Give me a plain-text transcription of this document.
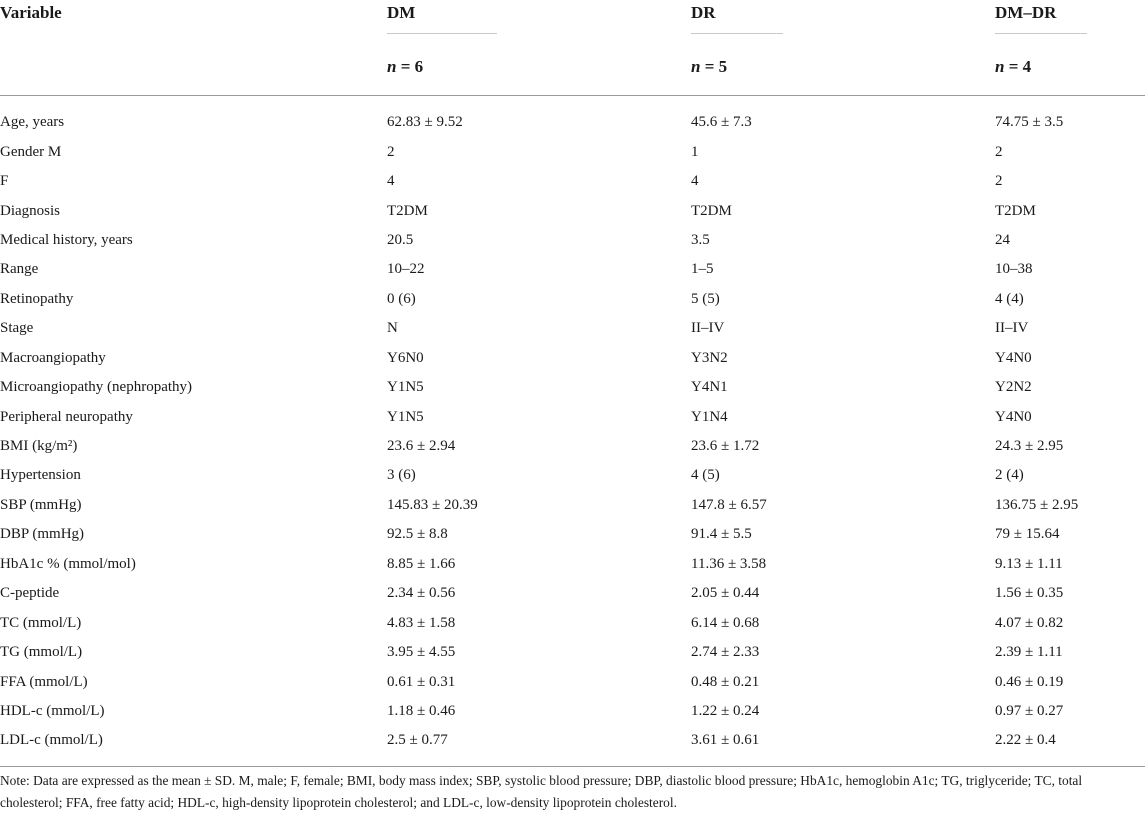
Variable	DM	DR	DM–DR

	n = 6	n = 5	n = 4
Age, years	62.83 ± 9.52	45.6 ± 7.3	74.75 ± 3.5
Gender M	2	1	2
F	4	4	2
Diagnosis	T2DM	T2DM	T2DM
Medical history, years	20.5	3.5	24
Range	10–22	1–5	10–38
Retinopathy	0 (6)	5 (5)	4 (4)
Stage	N	II–IV	II–IV
Macroangiopathy	Y6N0	Y3N2	Y4N0
Microangiopathy (nephropathy)	Y1N5	Y4N1	Y2N2
Peripheral neuropathy	Y1N5	Y1N4	Y4N0
BMI (kg/m²)	23.6 ± 2.94	23.6 ± 1.72	24.3 ± 2.95
Hypertension	3 (6)	4 (5)	2 (4)
SBP (mmHg)	145.83 ± 20.39	147.8 ± 6.57	136.75 ± 2.95
DBP (mmHg)	92.5 ± 8.8	91.4 ± 5.5	79 ± 15.64
HbA1c % (mmol/mol)	8.85 ± 1.66	11.36 ± 3.58	9.13 ± 1.11
C-peptide	2.34 ± 0.56	2.05 ± 0.44	1.56 ± 0.35
TC (mmol/L)	4.83 ± 1.58	6.14 ± 0.68	4.07 ± 0.82
TG (mmol/L)	3.95 ± 4.55	2.74 ± 2.33	2.39 ± 1.11
FFA (mmol/L)	0.61 ± 0.31	0.48 ± 0.21	0.46 ± 0.19
HDL-c (mmol/L)	1.18 ± 0.46	1.22 ± 0.24	0.97 ± 0.27
LDL-c (mmol/L)	2.5 ± 0.77	3.61 ± 0.61	2.22 ± 0.4
Note: Data are expressed as the mean ± SD. M, male; F, female; BMI, body mass index; SBP, systolic blood pressure; DBP, diastolic blood pressure; HbA1c, hemoglobin A1c; TG, triglyceride; TC, total cholesterol; FFA, free fatty acid; HDL-c, high-density lipoprotein cholesterol; and LDL-c, low-density lipoprotein cholesterol.
